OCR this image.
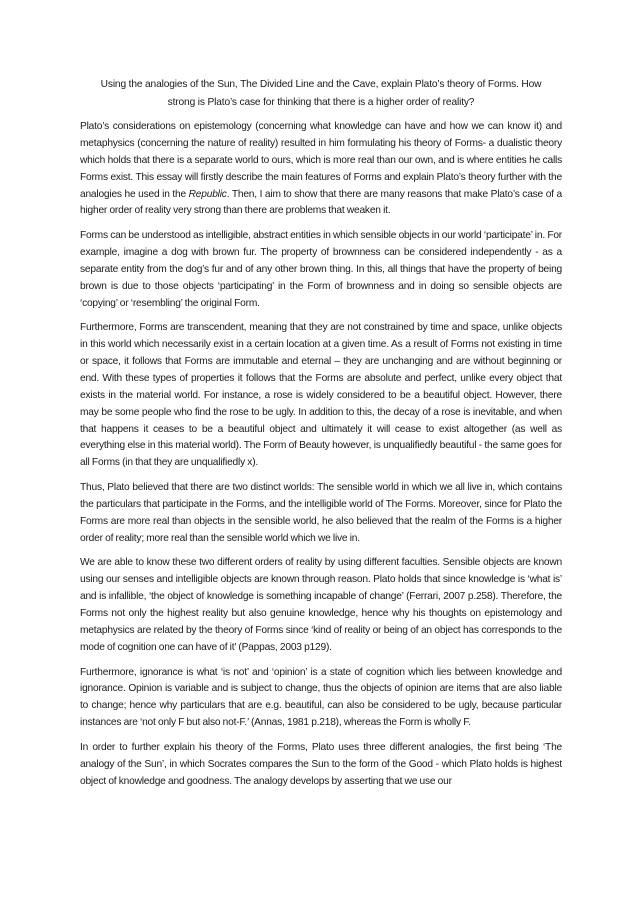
Using the analogies of the Sun, The Divided Line and the Cave, explain Plato’s theory of Forms. How
strong is Plato’s case for thinking that there is a higher order of reality?

Plato’s considerations on epistemology (concerning what knowledge can have and how we can know it) and metaphysics (concerning the nature of reality) resulted in him formulating his theory of Forms- a dualistic theory which holds that there is a separate world to ours, which is more real than our own, and is where entities he calls Forms exist. This essay will firstly describe the main features of Forms and explain Plato’s theory further with the analogies he used in the Republic. Then, I aim to show that there are many reasons that make Plato’s case of a higher order of reality very strong than there are problems that weaken it.

Forms can be understood as intelligible, abstract entities in which sensible objects in our world ‘participate’ in. For example, imagine a dog with brown fur. The property of brownness can be considered independently - as a separate entity from the dog’s fur and of any other brown thing. In this, all things that have the property of being brown is due to those objects ‘participating’ in the Form of brownness and in doing so sensible objects are ‘copying’ or ‘resembling’ the original Form.

Furthermore, Forms are transcendent, meaning that they are not constrained by time and space, unlike objects in this world which necessarily exist in a certain location at a given time. As a result of Forms not existing in time or space, it follows that Forms are immutable and eternal – they are unchanging and are without beginning or end. With these types of properties it follows that the Forms are absolute and perfect, unlike every object that exists in the material world. For instance, a rose is widely considered to be a beautiful object. However, there may be some people who find the rose to be ugly. In addition to this, the decay of a rose is inevitable, and when that happens it ceases to be a beautiful object and ultimately it will cease to exist altogether (as well as everything else in this material world). The Form of Beauty however, is unqualifiedly beautiful - the same goes for all Forms (in that they are unqualifiedly x).

Thus, Plato believed that there are two distinct worlds: The sensible world in which we all live in, which contains the particulars that participate in the Forms, and the intelligible world of The Forms. Moreover, since for Plato the Forms are more real than objects in the sensible world, he also believed that the realm of the Forms is a higher order of reality; more real than the sensible world which we live in.

We are able to know these two different orders of reality by using different faculties. Sensible objects are known using our senses and intelligible objects are known through reason. Plato holds that since knowledge is ‘what is’ and is infallible, ‘the object of knowledge is something incapable of change’ (Ferrari, 2007 p.258). Therefore, the Forms not only the highest reality but also genuine knowledge, hence why his thoughts on epistemology and metaphysics are related by the theory of Forms since ‘kind of reality or being of an object has corresponds to the mode of cognition one can have of it’ (Pappas, 2003 p129).

Furthermore, ignorance is what ‘is not’ and ‘opinion’ is a state of cognition which lies between knowledge and ignorance. Opinion is variable and is subject to change, thus the objects of opinion are items that are also liable to change; hence why particulars that are e.g. beautiful, can also be considered to be ugly, because particular instances are ‘not only F but also not-F.’ (Annas, 1981 p.218), whereas the Form is wholly F.

In order to further explain his theory of the Forms, Plato uses three different analogies, the first being ‘The analogy of the Sun’, in which Socrates compares the Sun to the form of the Good - which Plato holds is highest object of knowledge and goodness. The analogy develops by asserting that we use our
